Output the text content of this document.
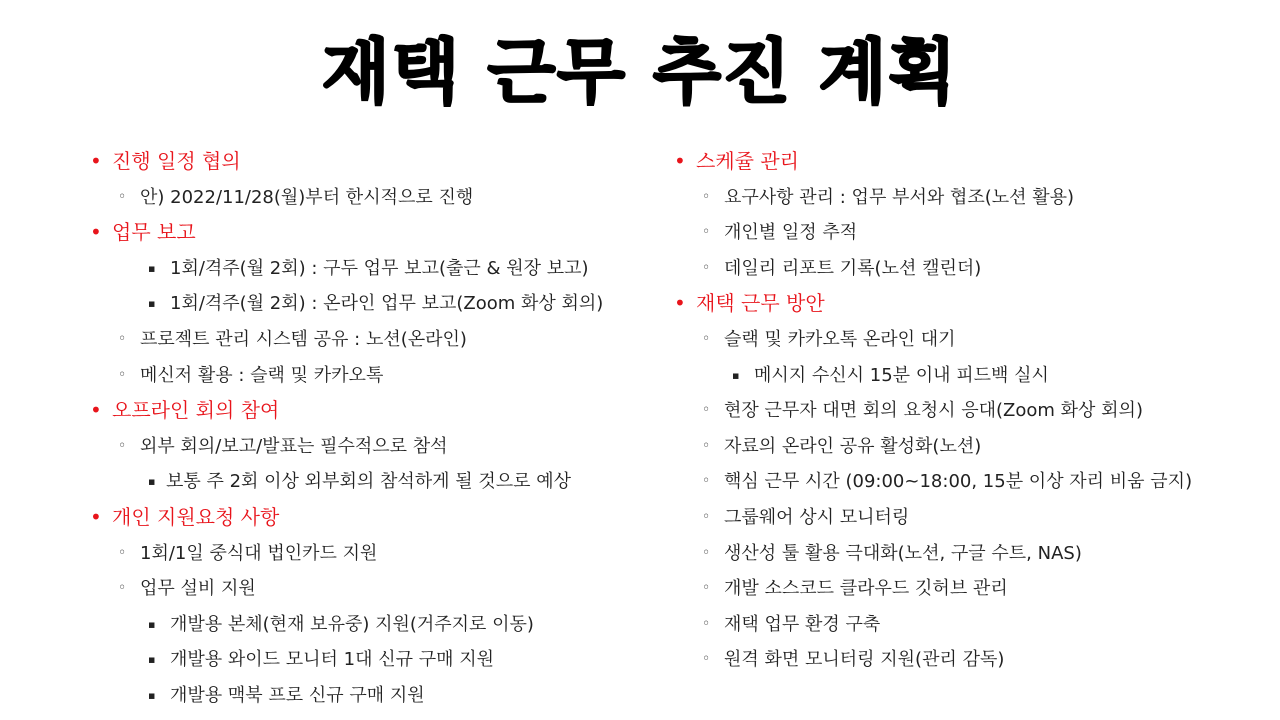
재택 근무 추진 계획
• 진행 일정 협의
◦ 안) 2022/11/28(월)부터 한시적으로 진행
• 업무 보고
▪ 1회/격주(월 2회) : 구두 업무 보고(출근 & 원장 보고)
▪ 1회/격주(월 2회) : 온라인 업무 보고(Zoom 화상 회의)
◦ 프로젝트 관리 시스템 공유 : 노션(온라인)
◦ 메신저 활용 : 슬랙 및 카카오톡
• 오프라인 회의 참여
◦ 외부 회의/보고/발표는 필수적으로 참석
▪ 보통 주 2회 이상 외부회의 참석하게 될 것으로 예상
• 개인 지원요청 사항
◦ 1회/1일 중식대 법인카드 지원
◦ 업무 설비 지원
▪ 개발용 본체(현재 보유중) 지원(거주지로 이동)
▪ 개발용 와이드 모니터 1대 신규 구매 지원
▪ 개발용 맥북 프로 신규 구매 지원
• 스케쥴 관리
◦ 요구사항 관리 : 업무 부서와 협조(노션 활용)
◦ 개인별 일정 추적
◦ 데일리 리포트 기록(노션 캘린더)
• 재택 근무 방안
◦ 슬랙 및 카카오톡 온라인 대기
▪ 메시지 수신시 15분 이내 피드백 실시
◦ 현장 근무자 대면 회의 요청시 응대(Zoom 화상 회의)
◦ 자료의 온라인 공유 활성화(노션)
◦ 핵심 근무 시간 (09:00~18:00, 15분 이상 자리 비움 금지)
◦ 그룹웨어 상시 모니터링
◦ 생산성 툴 활용 극대화(노션, 구글 수트, NAS)
◦ 개발 소스코드 클라우드 깃허브 관리
◦ 재택 업무 환경 구축
◦ 원격 화면 모니터링 지원(관리 감독)
